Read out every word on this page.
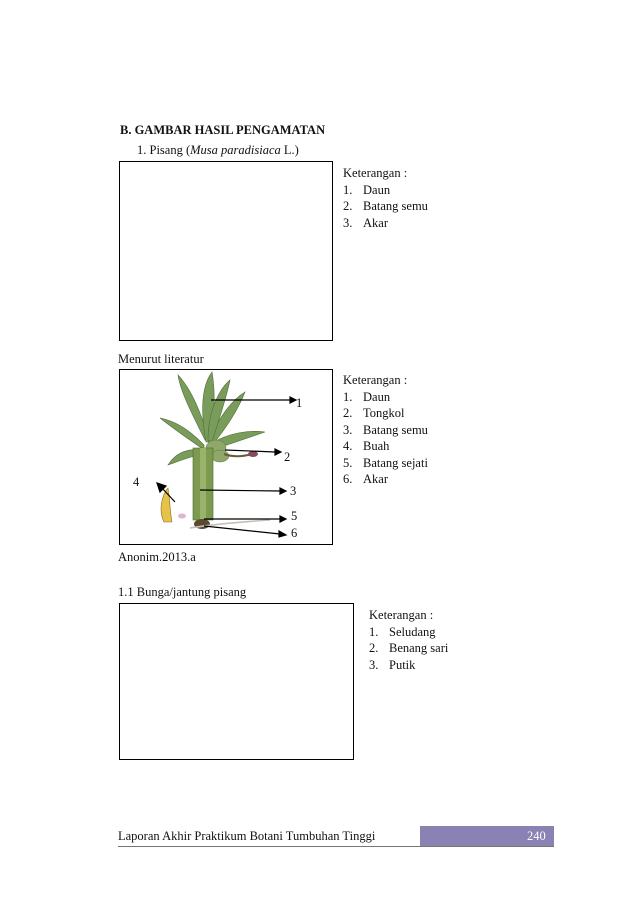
B. GAMBAR HASIL PENGAMATAN
1. Pisang (Musa paradisiaca L.)
Keterangan :
1. Daun
2. Batang semu
3. Akar
Menurut literatur
1
2
3
4
5
6
Keterangan :
1. Daun
2. Tongkol
3. Batang semu
4. Buah
5. Batang sejati
6. Akar
Anonim.2013.a
1.1 Bunga/jantung pisang
Keterangan :
1. Seludang
2. Benang sari
3. Putik
Laporan Akhir Praktikum Botani Tumbuhan Tinggi	240
